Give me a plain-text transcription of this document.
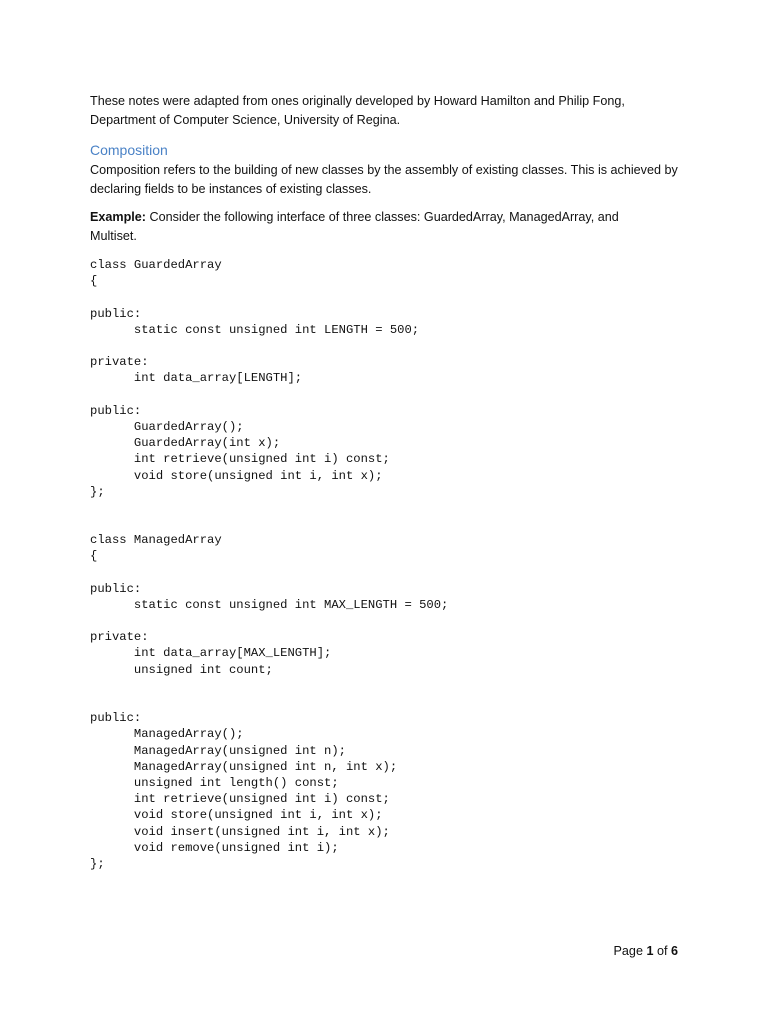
These notes were adapted from ones originally developed by Howard Hamilton and Philip Fong,
Department of Computer Science, University of Regina.
Composition
Composition refers to the building of new classes by the assembly of existing classes. This is achieved by
declaring fields to be instances of existing classes.
Example: Consider the following interface of three classes: GuardedArray, ManagedArray, and
Multiset.
class GuardedArray
{

public:
static const unsigned int LENGTH = 500;

private:
int data_array[LENGTH];

public:
GuardedArray();
GuardedArray(int x);
int retrieve(unsigned int i) const;
void store(unsigned int i, int x);
};
class ManagedArray
{

public:
static const unsigned int MAX_LENGTH = 500;

private:
int data_array[MAX_LENGTH];
unsigned int count;

public:
ManagedArray();
ManagedArray(unsigned int n);
ManagedArray(unsigned int n, int x);
unsigned int length() const;
int retrieve(unsigned int i) const;
void store(unsigned int i, int x);
void insert(unsigned int i, int x);
void remove(unsigned int i);
};
Page 1 of 6
